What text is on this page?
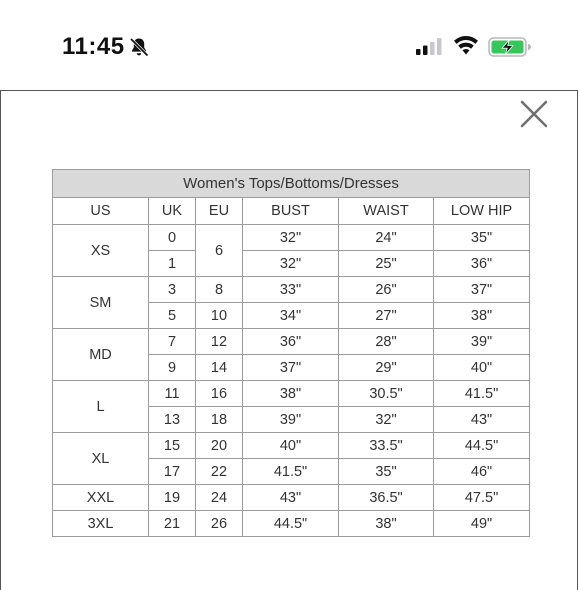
11:45
Women's Tops/Bottoms/Dresses					
US	UK	EU	BUST	WAIST	LOW HIP
XS	0	6	32"	24"	35"
	1		32"	25"	36"
SM	3	8	33"	26"	37"
	5	10	34"	27"	38"
MD	7	12	36"	28"	39"
	9	14	37"	29"	40"
L	11	16	38"	30.5"	41.5"
	13	18	39"	32"	43"
XL	15	20	40"	33.5"	44.5"
	17	22	41.5"	35"	46"
XXL	19	24	43"	36.5"	47.5"
3XL	21	26	44.5"	38"	49"
